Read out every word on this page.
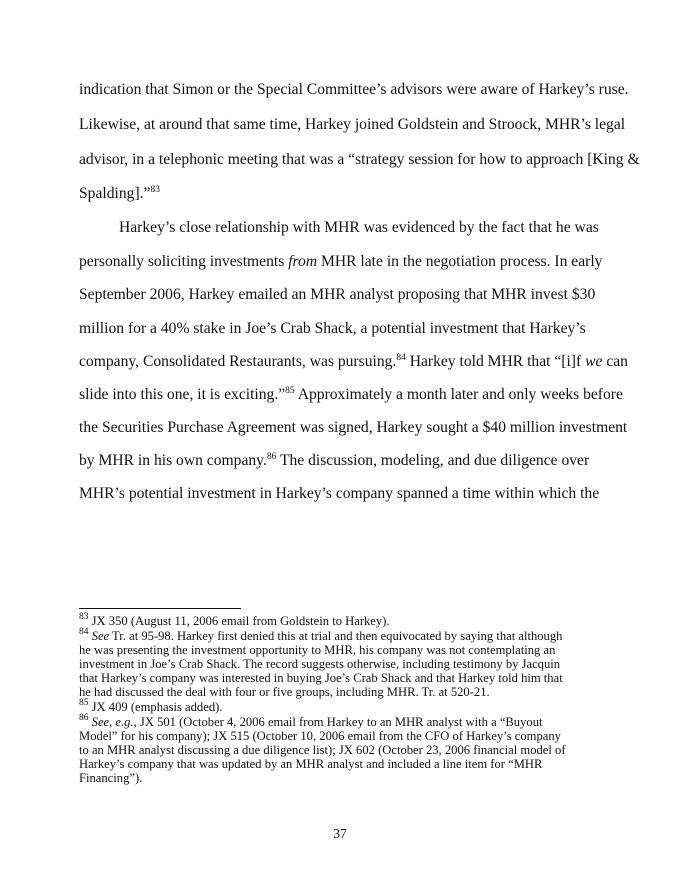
indication that Simon or the Special Committee’s advisors were aware of Harkey’s ruse.
Likewise, at around that same time, Harkey joined Goldstein and Stroock, MHR’s legal
advisor, in a telephonic meeting that was a “strategy session for how to approach [King &
Spalding].”$^{83}$
Harkey’s close relationship with MHR was evidenced by the fact that he was
personally soliciting investments from MHR late in the negotiation process. In early
September 2006, Harkey emailed an MHR analyst proposing that MHR invest $30
million for a 40% stake in Joe’s Crab Shack, a potential investment that Harkey’s
company, Consolidated Restaurants, was pursuing.$^{84}$ Harkey told MHR that “[i]f we can
slide into this one, it is exciting.”$^{85}$ Approximately a month later and only weeks before
the Securities Purchase Agreement was signed, Harkey sought a $40 million investment
by MHR in his own company.$^{86}$ The discussion, modeling, and due diligence over
MHR’s potential investment in Harkey’s company spanned a time within which the
$^{83}$ JX 350 (August 11, 2006 email from Goldstein to Harkey).
$^{84}$ See Tr. at 95-98. Harkey first denied this at trial and then equivocated by saying that although
he was presenting the investment opportunity to MHR, his company was not contemplating an
investment in Joe’s Crab Shack. The record suggests otherwise, including testimony by Jacquin
that Harkey’s company was interested in buying Joe’s Crab Shack and that Harkey told him that
he had discussed the deal with four or five groups, including MHR. Tr. at 520-21.
$^{85}$ JX 409 (emphasis added).
$^{86}$ See, e.g., JX 501 (October 4, 2006 email from Harkey to an MHR analyst with a “Buyout
Model” for his company); JX 515 (October 10, 2006 email from the CFO of Harkey’s company
to an MHR analyst discussing a due diligence list); JX 602 (October 23, 2006 financial model of
Harkey’s company that was updated by an MHR analyst and included a line item for “MHR
Financing”).
37
